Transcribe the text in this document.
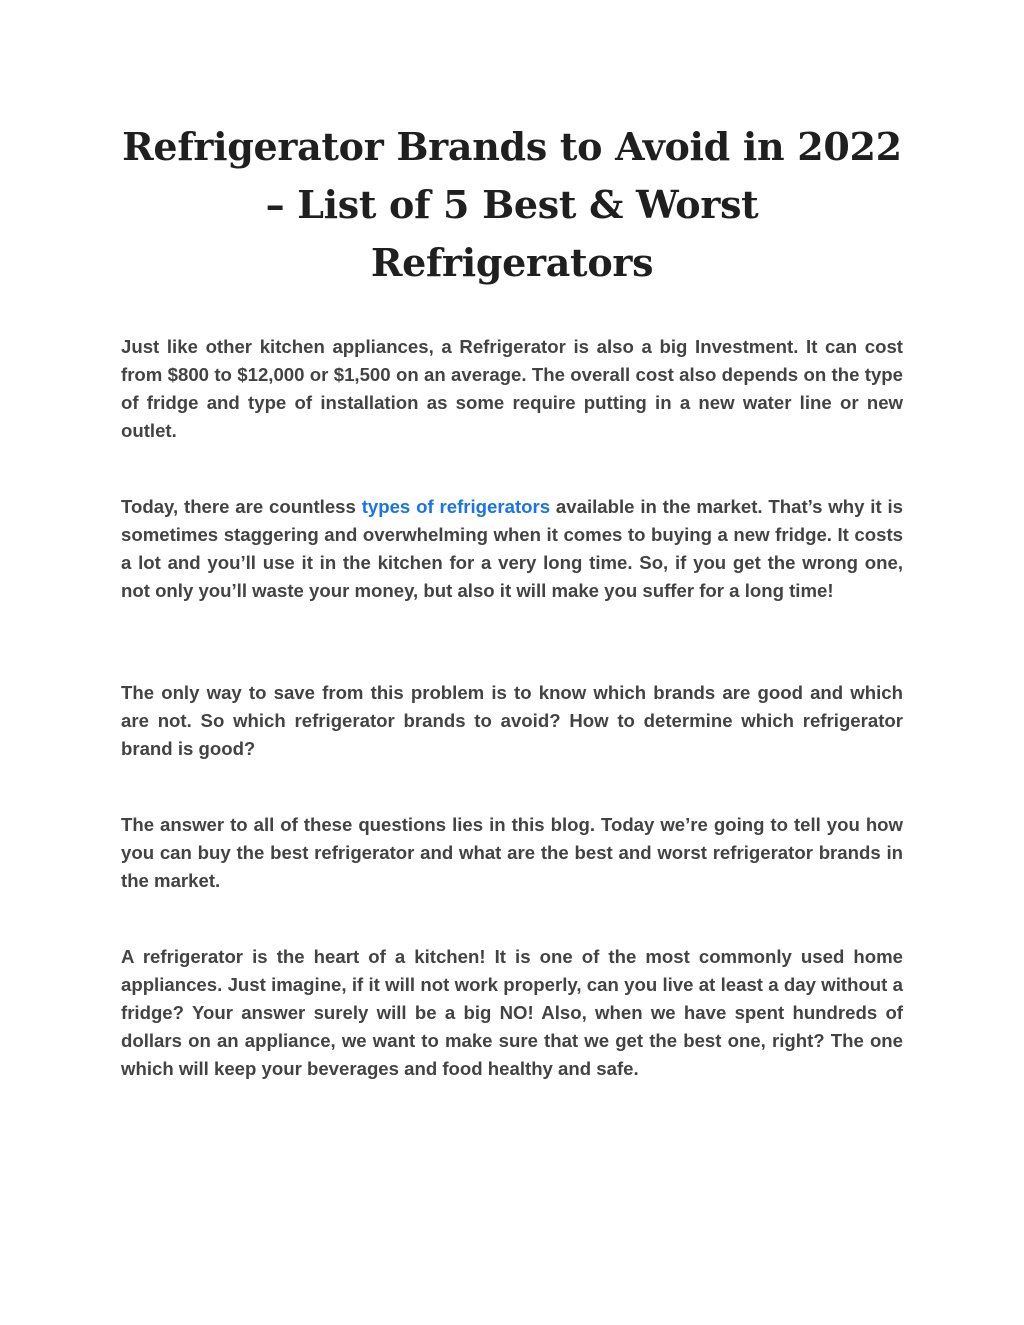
Refrigerator Brands to Avoid in 2022 – List of 5 Best & Worst Refrigerators

Just like other kitchen appliances, a Refrigerator is also a big Investment. It can cost from $800 to $12,000 or $1,500 on an average. The overall cost also depends on the type of fridge and type of installation as some require putting in a new water line or new outlet.

Today, there are countless types of refrigerators available in the market. That’s why it is sometimes staggering and overwhelming when it comes to buying a new fridge. It costs a lot and you’ll use it in the kitchen for a very long time. So, if you get the wrong one, not only you’ll waste your money, but also it will make you suffer for a long time!

The only way to save from this problem is to know which brands are good and which are not. So which refrigerator brands to avoid? How to determine which refrigerator brand is good?

The answer to all of these questions lies in this blog. Today we’re going to tell you how you can buy the best refrigerator and what are the best and worst refrigerator brands in the market.

A refrigerator is the heart of a kitchen! It is one of the most commonly used home appliances. Just imagine, if it will not work properly, can you live at least a day without a fridge? Your answer surely will be a big NO! Also, when we have spent hundreds of dollars on an appliance, we want to make sure that we get the best one, right? The one which will keep your beverages and food healthy and safe.
